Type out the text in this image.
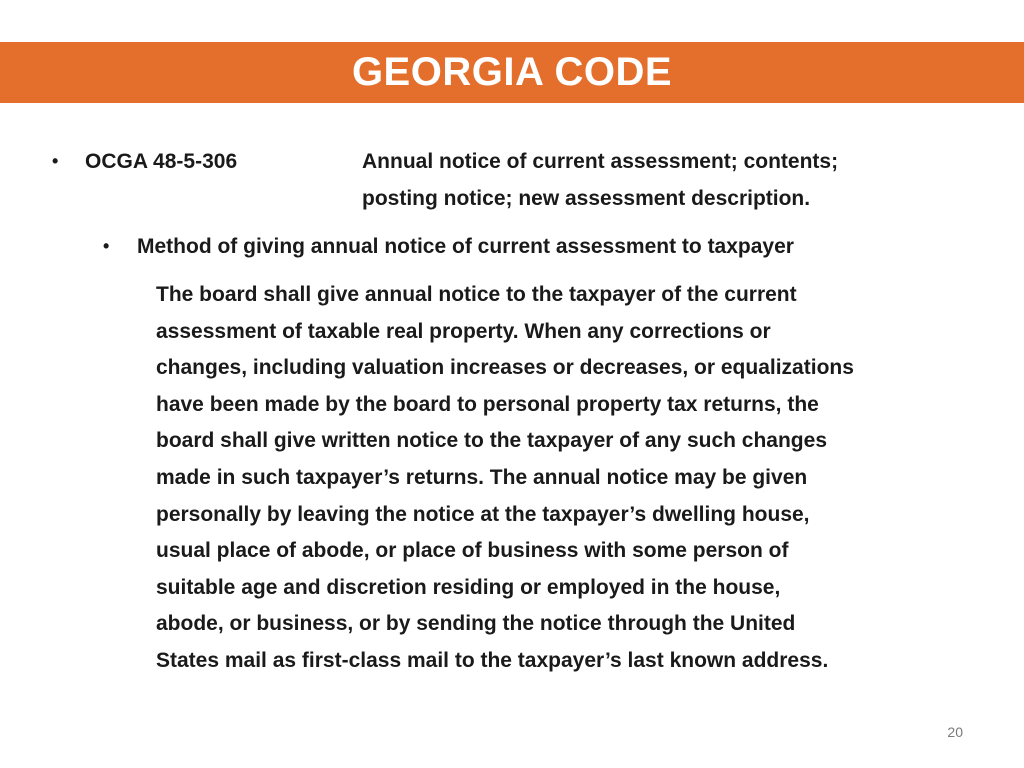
GEORGIA CODE
• OCGA 48-5-306	Annual notice of current assessment; contents;
posting notice; new assessment description.
• Method of giving annual notice of current assessment to taxpayer
The board shall give annual notice to the taxpayer of the current
assessment of taxable real property. When any corrections or
changes, including valuation increases or decreases, or equalizations
have been made by the board to personal property tax returns, the
board shall give written notice to the taxpayer of any such changes
made in such taxpayer’s returns. The annual notice may be given
personally by leaving the notice at the taxpayer’s dwelling house,
usual place of abode, or place of business with some person of
suitable age and discretion residing or employed in the house,
abode, or business, or by sending the notice through the United
States mail as first-class mail to the taxpayer’s last known address.
20
